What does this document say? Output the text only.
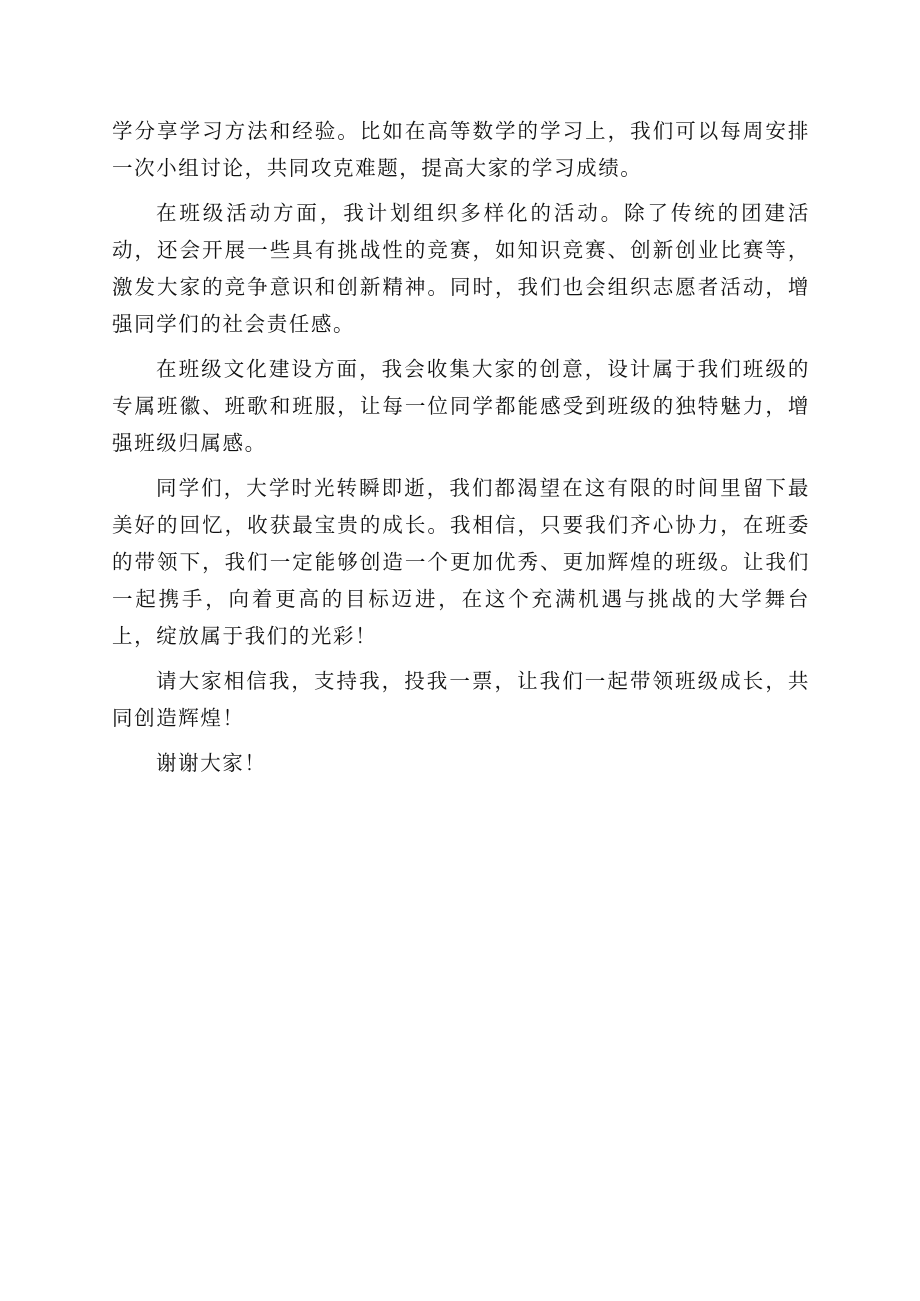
学分享学习方法和经验。比如在高等数学的学习上，我们可以每周安排一次小组讨论，共同攻克难题，提高大家的学习成绩。

在班级活动方面，我计划组织多样化的活动。除了传统的团建活动，还会开展一些具有挑战性的竞赛，如知识竞赛、创新创业比赛等，激发大家的竞争意识和创新精神。同时，我们也会组织志愿者活动，增强同学们的社会责任感。

在班级文化建设方面，我会收集大家的创意，设计属于我们班级的专属班徽、班歌和班服，让每一位同学都能感受到班级的独特魅力，增强班级归属感。

同学们，大学时光转瞬即逝，我们都渴望在这有限的时间里留下最美好的回忆，收获最宝贵的成长。我相信，只要我们齐心协力，在班委的带领下，我们一定能够创造一个更加优秀、更加辉煌的班级。让我们一起携手，向着更高的目标迈进，在这个充满机遇与挑战的大学舞台上，绽放属于我们的光彩！

请大家相信我，支持我，投我一票，让我们一起带领班级成长，共同创造辉煌！

谢谢大家！
